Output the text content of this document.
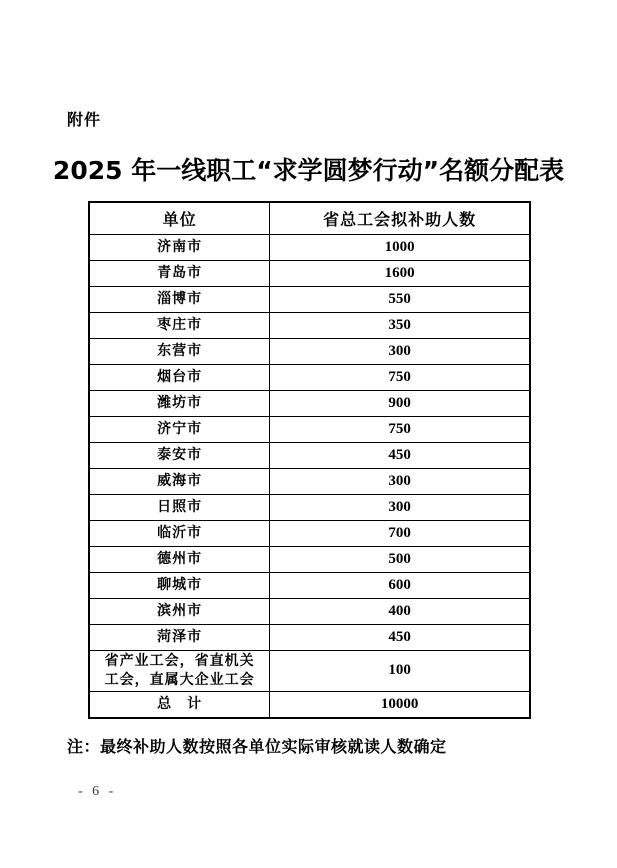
附件
2025 年一线职工“求学圆梦行动”名额分配表
单位	省总工会拟补助人数
济南市	1000
青岛市	1600
淄博市	550
枣庄市	350
东营市	300
烟台市	750
潍坊市	900
济宁市	750
泰安市	450
威海市	300
日照市	300
临沂市	700
德州市	500
聊城市	600
滨州市	400
菏泽市	450
省产业工会，省直机关工会，直属大企业工会	100
总　计	10000
注：最终补助人数按照各单位实际审核就读人数确定
- 6 -
